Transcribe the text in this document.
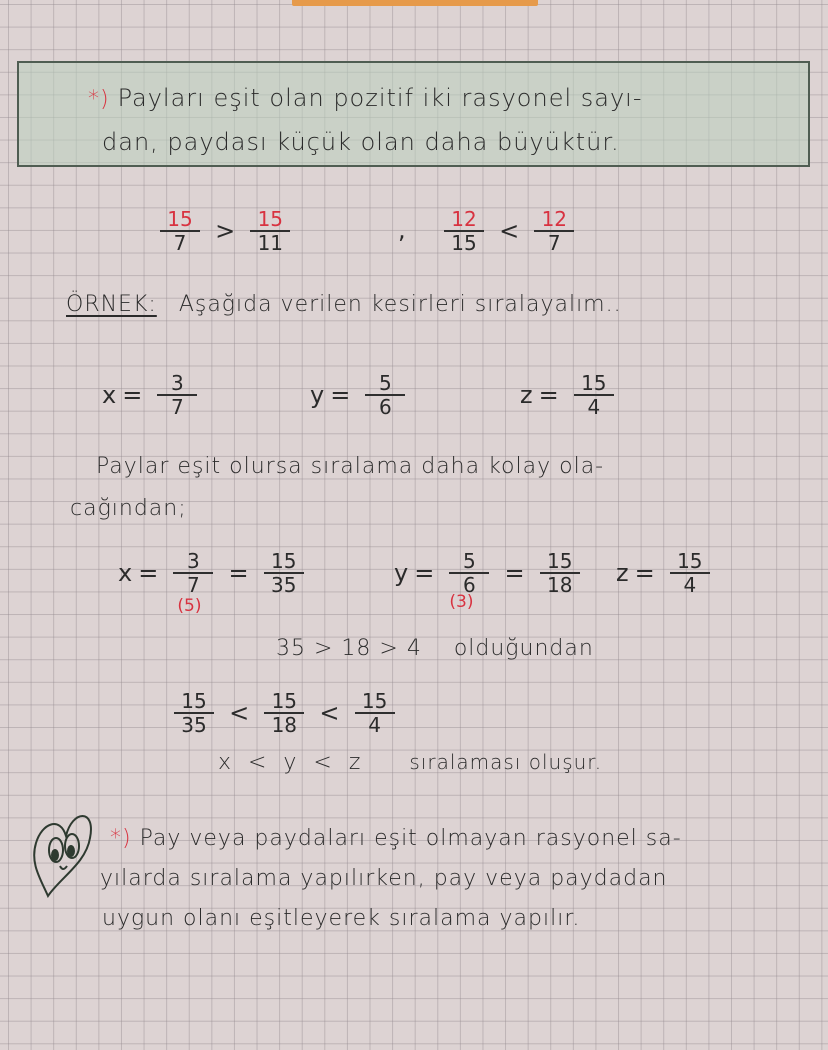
*) Payları eşit olan pozitif iki rasyonel sayı-
dan, paydası küçük olan daha büyüktür.
$\frac{15}{7} > \frac{15}{11}$	, $\frac{12}{15} < \frac{12}{7}$
ÖRNEK: Aşağıda verilen kesirleri sıralayalım..
$x = \frac{3}{7}$	$y = \frac{5}{6}$	$z = \frac{15}{4}$
Paylar eşit olursa sıralama daha kolay ola-
cağından;
x =	3
7
(5)
= $\frac{15}{35}$	y =	5
6
(3)
= $\frac{15}{18}$ $z = \frac{15}{4}$
35 > 18 > 4 olduğundan
$\frac{15}{35} < \frac{15}{18} < \frac{15}{4}$
x  <  y  <  z sıralaması oluşur.
*) Pay veya paydaları eşit olmayan rasyonel sa-
yılarda sıralama yapılırken, pay veya paydadan
uygun olanı eşitleyerek sıralama yapılır.
